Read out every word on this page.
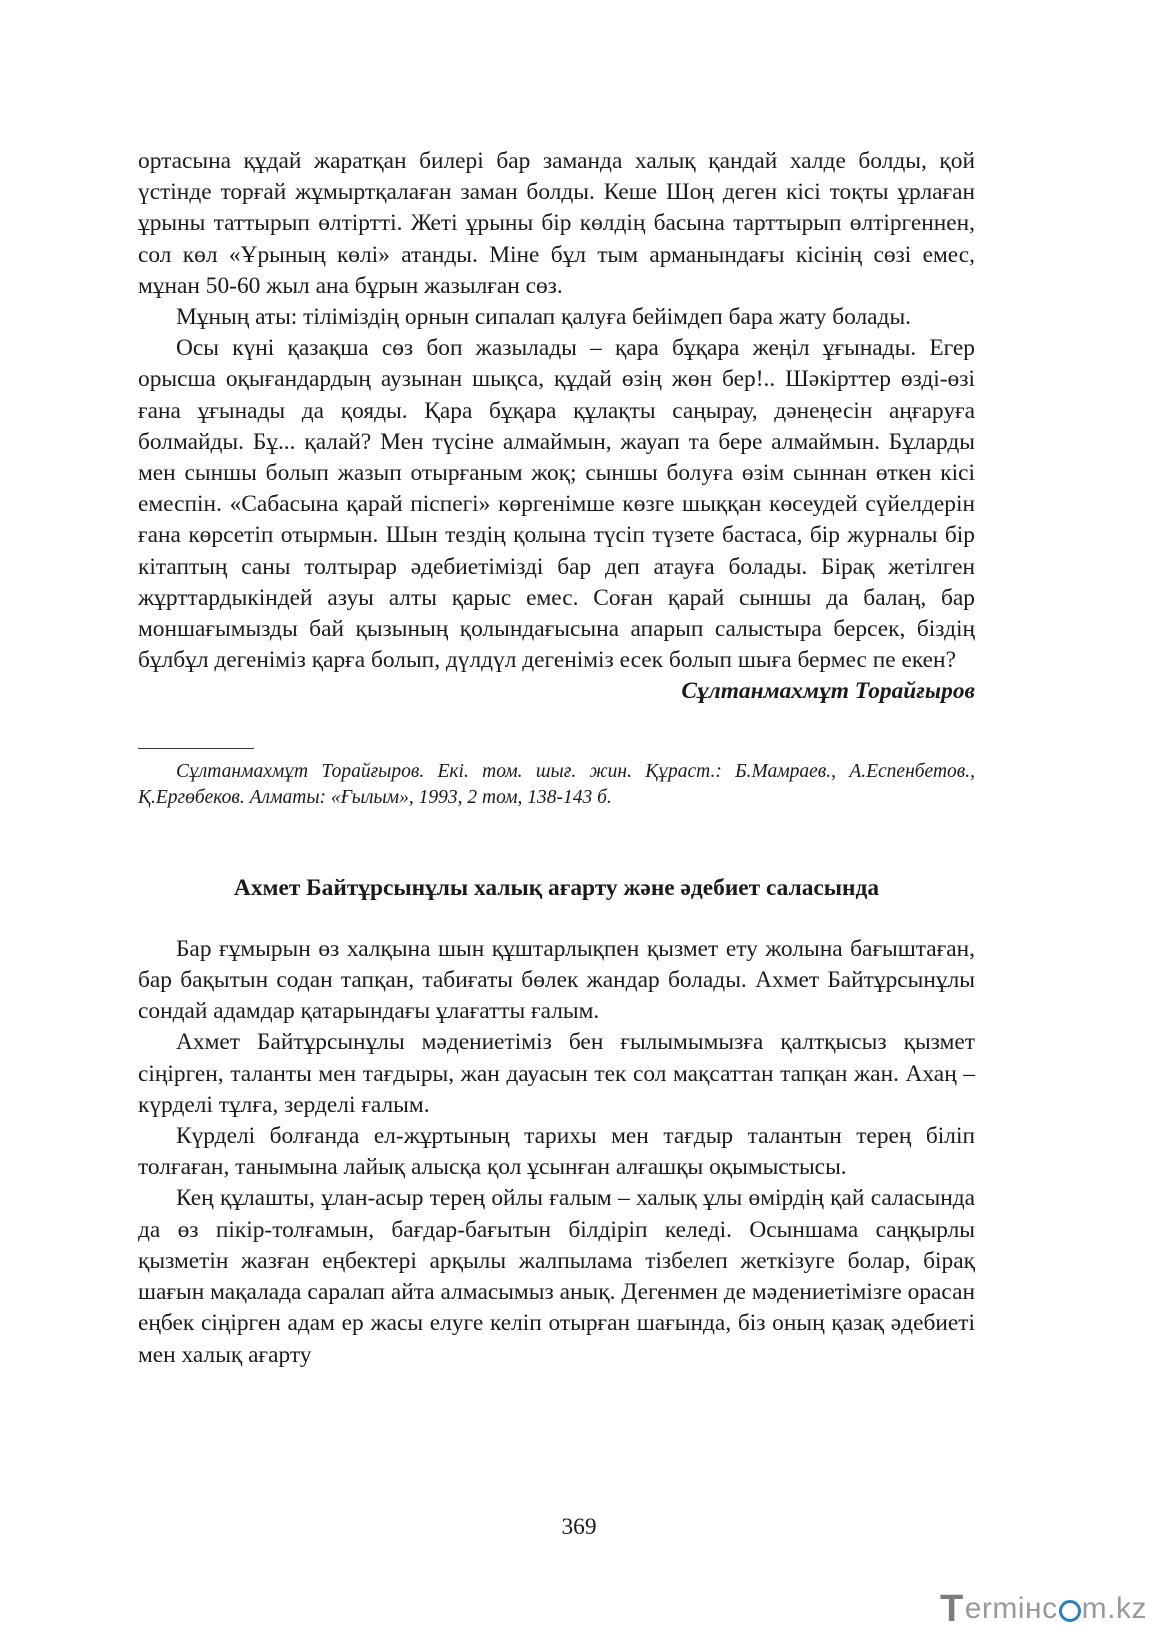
ортасына құдай жаратқан билері бар заманда халық қандай халде болды, қой үстінде торғай жұмыртқалаған заман болды. Кеше Шоң деген кісі тоқты ұрлаған ұрыны таттырып өлтіртті. Жеті ұрыны бір көлдің басына тарттырып өлтіргеннен, сол көл «Ұрының көлі» атанды. Міне бұл тым арманындағы кісінің сөзі емес, мұнан 50-60 жыл ана бұрын жазылған сөз.

Мұның аты: тіліміздің орнын сипалап қалуға бейімдеп бара жату болады.

Осы күні қазақша сөз боп жазылады – қара бұқара жеңіл ұғынады. Егер орысша оқығандардың аузынан шықса, құдай өзің жөн бер!.. Шәкірттер өзді-өзі ғана ұғынады да қояды. Қара бұқара құлақты саңырау, дәнеңесін аңғаруға болмайды. Бұ... қалай? Мен түсіне алмаймын, жауап та бере алмаймын. Бұларды мен сыншы болып жазып отырғаным жоқ; сыншы болуға өзім сыннан өткен кісі емеспін. «Сабасына қарай піспегі» көргенімше көзге шыққан көсеудей сүйелдерін ғана көрсетіп отырмын. Шын тездің қолына түсіп түзете бастаса, бір журналы бір кітаптың саны толтырар әдебиетімізді бар деп атауға болады. Бірақ жетілген жұрттардыкіндей азуы алты қарыс емес. Соған қарай сыншы да балаң, бар моншағымызды бай қызының қолындағысына апарып салыстыра берсек, біздің бұлбұл дегеніміз қарға болып, дүлдүл дегеніміз есек болып шыға бермес пе екен?

Сұлтанмахмұт Торайғыров

Сұлтанмахмұт Торайғыров. Екі. том. шығ. жин. Құраст.: Б.Мамраев., А.Еспенбетов., Қ.Ергөбеков. Алматы: «Ғылым», 1993, 2 том, 138-143 б.

Ахмет Байтұрсынұлы халық ағарту және әдебиет саласында

Бар ғұмырын өз халқына шын құштарлықпен қызмет ету жолына бағыштаған, бар бақытын содан тапқан, табиғаты бөлек жандар болады. Ахмет Байтұрсынұлы сондай адамдар қатарындағы ұлағатты ғалым.

Ахмет Байтұрсынұлы мәдениетіміз бен ғылымымызға қалтқысыз қызмет сіңірген, таланты мен тағдыры, жан дауасын тек сол мақсаттан тапқан жан. Ахаң – күрделі тұлға, зерделі ғалым.

Күрделі болғанда ел-жұртының тарихы мен тағдыр талантын терең біліп толғаған, танымына лайық алысқа қол ұсынған алғашқы оқымыстысы.

Кең құлашты, ұлан-асыр терең ойлы ғалым – халық ұлы өмірдің қай саласында да өз пікір-толғамын, бағдар-бағытын білдіріп келеді. Осыншама саңқырлы қызметін жазған еңбектері арқылы жалпылама тізбелеп жеткізуге болар, бірақ шағын мақалада саралап айта алмасымыз анық. Дегенмен де мәдениетімізге орасан еңбек сіңірген адам ер жасы елуге келіп отырған шағында, біз оның қазақ әдебиеті мен халық ағарту

369
T ermінc m.kz
